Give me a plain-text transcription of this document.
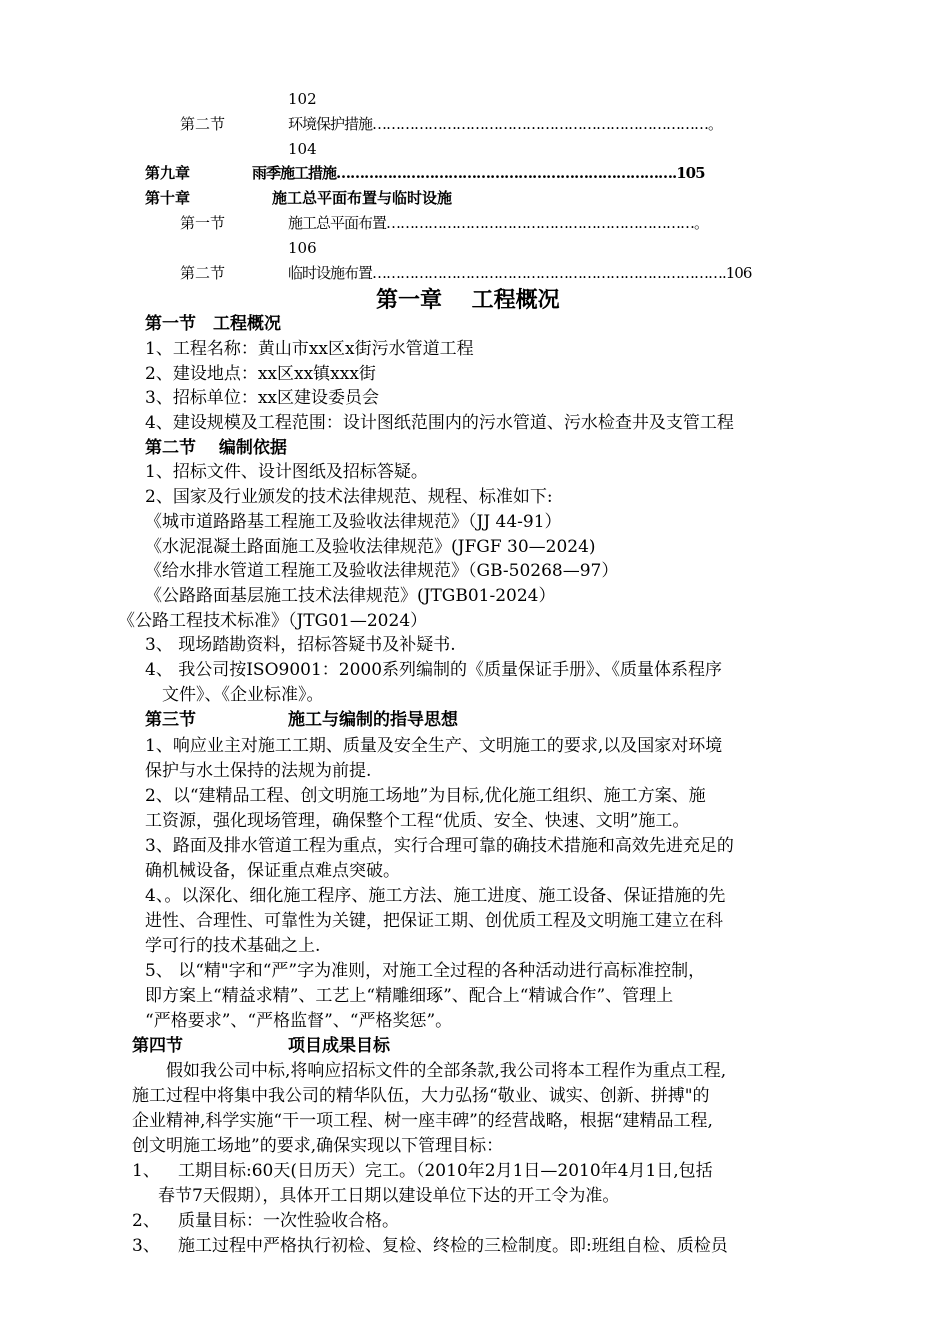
102
第二节	环境保护措施………………………………………………………………。
104
第九章	雨季施工措施……………………………………………………………….105
第十章	施工总平面布置与临时设施
第一节	施工总平面布置…………………………………………………………。
106
第二节	临时设施布置………………………………………………………………….106
第一章　 工程概况
第一节　工程概况
1、工程名称：黄山市xx区x街污水管道工程
2、建设地点：xx区xx镇xxx街
3、招标单位：xx区建设委员会
4、建设规模及工程范围：设计图纸范围内的污水管道、污水检查井及支管工程
第二节　 编制依据
1、招标文件、设计图纸及招标答疑。
2、国家及行业颁发的技术法律规范、规程、标准如下:
《城市道路路基工程施工及验收法律规范》（JJ 44-91）
《水泥混凝土路面施工及验收法律规范》(JFGF 30—2024)
《给水排水管道工程施工及验收法律规范》（GB-50268—97）
《公路路面基层施工技术法律规范》(JTGB01-2024）
《公路工程技术标准》（JTG01—2024）
3、 现场踏勘资料，招标答疑书及补疑书.
4、 我公司按ISO9001：2000系列编制的《质量保证手册》、《质量体系程序
文件》、《企业标准》。
第三节	施工与编制的指导思想
1、响应业主对施工工期、质量及安全生产、文明施工的要求,以及国家对环境
保护与水土保持的法规为前提.
2、以“建精品工程、创文明施工场地”为目标,优化施工组织、施工方案、施
工资源，强化现场管理，确保整个工程“优质、安全、快速、文明”施工。
3、路面及排水管道工程为重点，实行合理可靠的确技术措施和高效先进充足的
确机械设备，保证重点难点突破。
4、。以深化、细化施工程序、施工方法、施工进度、施工设备、保证措施的先
进性、合理性、可靠性为关键，把保证工期、创优质工程及文明施工建立在科
学可行的技术基础之上.
5、 以“精"字和“严”字为准则，对施工全过程的各种活动进行高标准控制，
即方案上“精益求精”、工艺上“精雕细琢”、配合上“精诚合作”、管理上
“严格要求”、“严格监督”、“严格奖惩”。
第四节	项目成果目标
假如我公司中标,将响应招标文件的全部条款,我公司将本工程作为重点工程,
施工过程中将集中我公司的精华队伍，大力弘扬“敬业、诚实、创新、拼搏"的
企业精神,科学实施“干一项工程、树一座丰碑”的经营战略，根据“建精品工程,
创文明施工场地”的要求,确保实现以下管理目标：
1、 工期目标:60天(日历天）完工。（2010年2月1日—2010年4月1日,包括
春节7天假期），具体开工日期以建设单位下达的开工令为准。
2、 质量目标：一次性验收合格。
3、 施工过程中严格执行初检、复检、终检的三检制度。即:班组自检、质检员
